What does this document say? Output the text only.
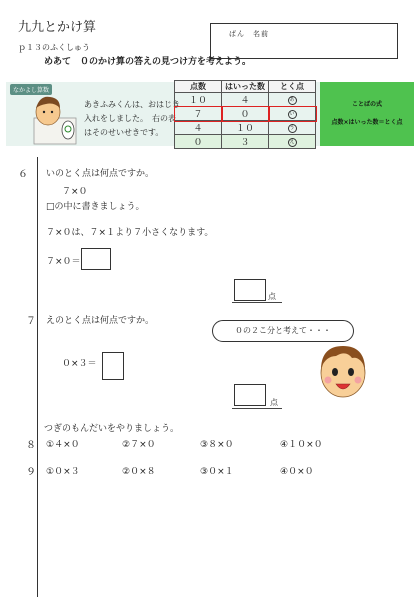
九九とかけ算	ばん　名前
ｐ１３のふくしゅう
めあて　０のかけ算の答えの見つけ方を考えよう。
なかよし算数
あきふみくんは、おはじき
入れをしました。　右の表
はそのせいせきです。
点数	はいった数	とく点
１０	４	あ
７	０	い
４	１０	う
０	３	え
ことばの式
点数×はいった数＝とく点
６ いのとく点は何点ですか。
７×０
□の中に書きましょう。
７×０は、７×１より７小さくなります。
７×０＝
点
７ えのとく点は何点ですか。
０の２こ分と考えて・・・
０×３＝
点
つぎのもんだいをやりましょう。
８ ①４×０	②７×０	③８×０	④１０×０
９ ①０×３	②０×８	③０×１	④０×０
